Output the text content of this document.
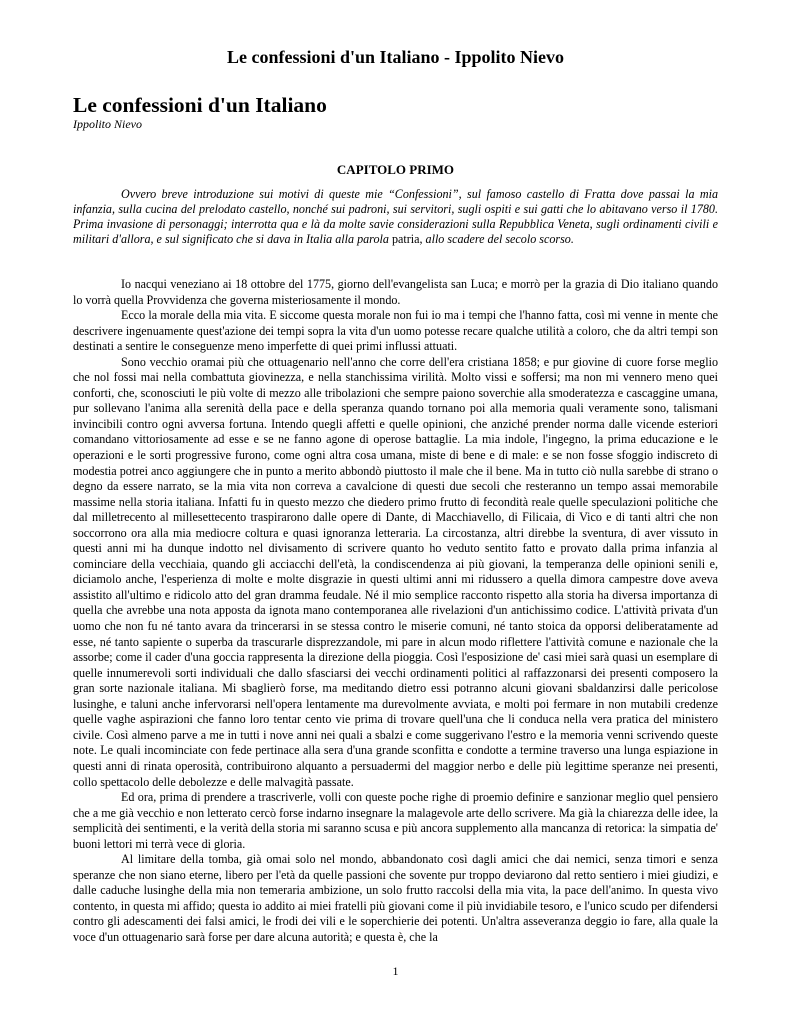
Le confessioni d'un Italiano - Ippolito Nievo
Le confessioni d'un Italiano
Ippolito Nievo
CAPITOLO PRIMO

Ovvero breve introduzione sui motivi di queste mie “Confessioni”, sul famoso castello di Fratta dove passai la mia infanzia, sulla cucina del prelodato castello, nonché sui padroni, sui servitori, sugli ospiti e sui gatti che lo abitavano verso il 1780. Prima invasione di personaggi; interrotta qua e là da molte savie considerazioni sulla Repubblica Veneta, sugli ordinamenti civili e militari d'allora, e sul significato che si dava in Italia alla parola patria, allo scadere del secolo scorso.

Io nacqui veneziano ai 18 ottobre del 1775, giorno dell'evangelista san Luca; e morrò per la grazia di Dio italiano quando lo vorrà quella Provvidenza che governa misteriosamente il mondo.

Ecco la morale della mia vita. E siccome questa morale non fui io ma i tempi che l'hanno fatta, così mi venne in mente che descrivere ingenuamente quest'azione dei tempi sopra la vita d'un uomo potesse recare qualche utilità a coloro, che da altri tempi son destinati a sentire le conseguenze meno imperfette di quei primi influssi attuati.

Sono vecchio oramai più che ottuagenario nell'anno che corre dell'era cristiana 1858; e pur giovine di cuore forse meglio che nol fossi mai nella combattuta giovinezza, e nella stanchissima virilità. Molto vissi e soffersi; ma non mi vennero meno quei conforti, che, sconosciuti le più volte di mezzo alle tribolazioni che sempre paiono soverchie alla smoderatezza e cascaggine umana, pur sollevano l'anima alla serenità della pace e della speranza quando tornano poi alla memoria quali veramente sono, talismani invincibili contro ogni avversa fortuna. Intendo quegli affetti e quelle opinioni, che anziché prender norma dalle vicende esteriori comandano vittoriosamente ad esse e se ne fanno agone di operose battaglie. La mia indole, l'ingegno, la prima educazione e le operazioni e le sorti progressive furono, come ogni altra cosa umana, miste di bene e di male: e se non fosse sfoggio indiscreto di modestia potrei anco aggiungere che in punto a merito abbondò piuttosto il male che il bene. Ma in tutto ciò nulla sarebbe di strano o degno da essere narrato, se la mia vita non correva a cavalcione di questi due secoli che resteranno un tempo assai memorabile massime nella storia italiana. Infatti fu in questo mezzo che diedero primo frutto di fecondità reale quelle speculazioni politiche che dal milletrecento al millesettecento traspirarono dalle opere di Dante, di Macchiavello, di Filicaia, di Vico e di tanti altri che non soccorrono ora alla mia mediocre coltura e quasi ignoranza letteraria. La circostanza, altri direbbe la sventura, di aver vissuto in questi anni mi ha dunque indotto nel divisamento di scrivere quanto ho veduto sentito fatto e provato dalla prima infanzia al cominciare della vecchiaia, quando gli acciacchi dell'età, la condiscendenza ai più giovani, la temperanza delle opinioni senili e, diciamolo anche, l'esperienza di molte e molte disgrazie in questi ultimi anni mi ridussero a quella dimora campestre dove aveva assistito all'ultimo e ridicolo atto del gran dramma feudale. Né il mio semplice racconto rispetto alla storia ha diversa importanza di quella che avrebbe una nota apposta da ignota mano contemporanea alle rivelazioni d'un antichissimo codice. L'attività privata d'un uomo che non fu né tanto avara da trincerarsi in se stessa contro le miserie comuni, né tanto stoica da opporsi deliberatamente ad esse, né tanto sapiente o superba da trascurarle disprezzandole, mi pare in alcun modo riflettere l'attività comune e nazionale che la assorbe; come il cader d'una goccia rappresenta la direzione della pioggia. Così l'esposizione de' casi miei sarà quasi un esemplare di quelle innumerevoli sorti individuali che dallo sfasciarsi dei vecchi ordinamenti politici al raffazzonarsi dei presenti composero la gran sorte nazionale italiana. Mi sbaglierò forse, ma meditando dietro essi potranno alcuni giovani sbaldanzirsi dalle pericolose lusinghe, e taluni anche infervorarsi nell'opera lentamente ma durevolmente avviata, e molti poi fermare in non mutabili credenze quelle vaghe aspirazioni che fanno loro tentar cento vie prima di trovare quell'una che li conduca nella vera pratica del ministero civile. Così almeno parve a me in tutti i nove anni nei quali a sbalzi e come suggerivano l'estro e la memoria venni scrivendo queste note. Le quali incominciate con fede pertinace alla sera d'una grande sconfitta e condotte a termine traverso una lunga espiazione in questi anni di rinata operosità, contribuirono alquanto a persuadermi del maggior nerbo e delle più legittime speranze nei presenti, collo spettacolo delle debolezze e delle malvagità passate.

Ed ora, prima di prendere a trascriverle, volli con queste poche righe di proemio definire e sanzionar meglio quel pensiero che a me già vecchio e non letterato cercò forse indarno insegnare la malagevole arte dello scrivere. Ma già la chiarezza delle idee, la semplicità dei sentimenti, e la verità della storia mi saranno scusa e più ancora supplemento alla mancanza di retorica: la simpatia de' buoni lettori mi terrà vece di gloria.

Al limitare della tomba, già omai solo nel mondo, abbandonato così dagli amici che dai nemici, senza timori e senza speranze che non siano eterne, libero per l'età da quelle passioni che sovente pur troppo deviarono dal retto sentiero i miei giudizi, e dalle caduche lusinghe della mia non temeraria ambizione, un solo frutto raccolsi della mia vita, la pace dell'animo. In questa vivo contento, in questa mi affido; questa io addito ai miei fratelli più giovani come il più invidiabile tesoro, e l'unico scudo per difendersi contro gli adescamenti dei falsi amici, le frodi dei vili e le soperchierie dei potenti. Un'altra asseveranza deggio io fare, alla quale la voce d'un ottuagenario sarà forse per dare alcuna autorità; e questa è, che la

1
